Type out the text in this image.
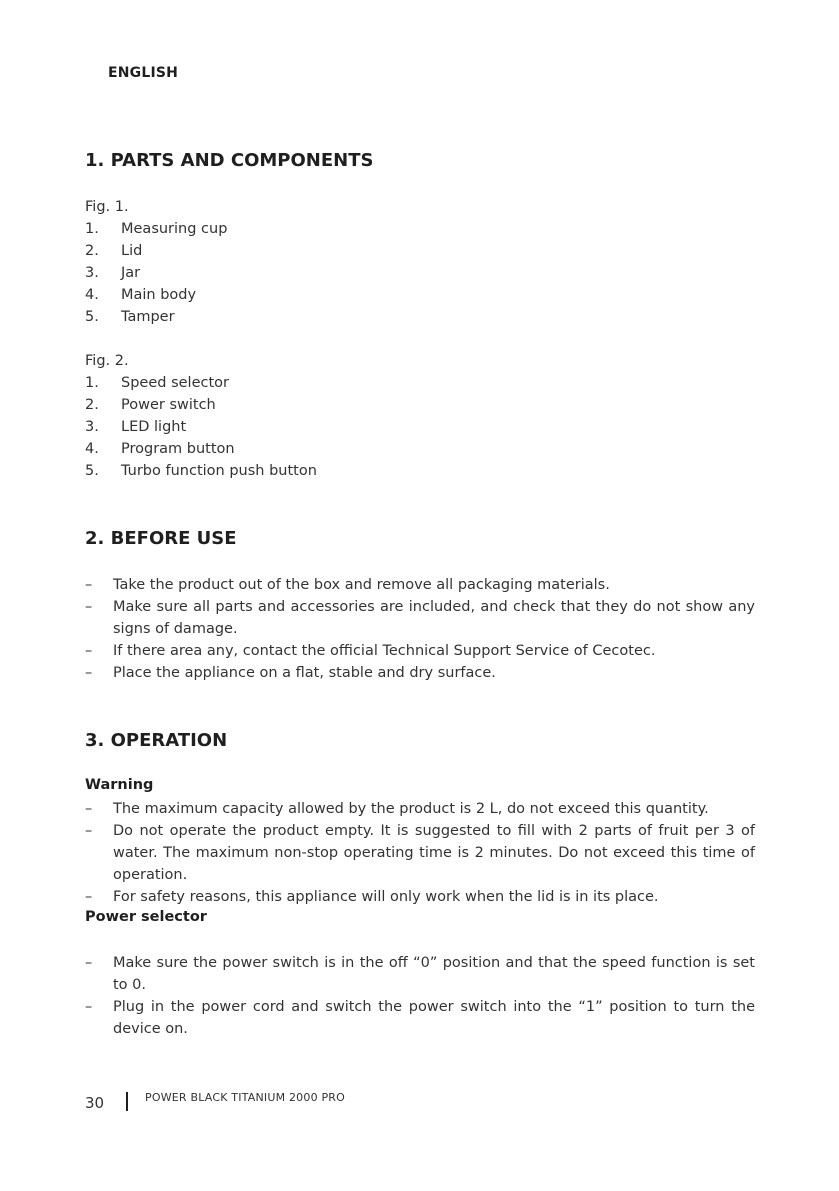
ENGLISH
1. PARTS AND COMPONENTS
Fig. 1.
1.	Measuring cup
2.	Lid
3.	Jar
4.	Main body
5.	Tamper
Fig. 2.
1.	Speed selector
2.	Power switch
3.	LED light
4.	Program button
5.	Turbo function push button
2. BEFORE USE
–	Take the product out of the box and remove all packaging materials.
–	Make sure all parts and accessories are included, and check that they do not show any signs of damage.
–	If there area any, contact the official Technical Support Service of Cecotec.
–	Place the appliance on a flat, stable and dry surface.
3. OPERATION
Warning
–	The maximum capacity allowed by the product is 2 L, do not exceed this quantity.
–	Do not operate the product empty. It is suggested to fill with 2 parts of fruit per 3 of water. The maximum non-stop operating time is 2 minutes. Do not exceed this time of operation.
–	For safety reasons, this appliance will only work when the lid is in its place.
Power selector
–	Make sure the power switch is in the off “0” position and that the speed function is set to 0.
–	Plug in the power cord and switch the power switch into the “1” position to turn the device on.
30	POWER BLACK TITANIUM 2000 PRO
